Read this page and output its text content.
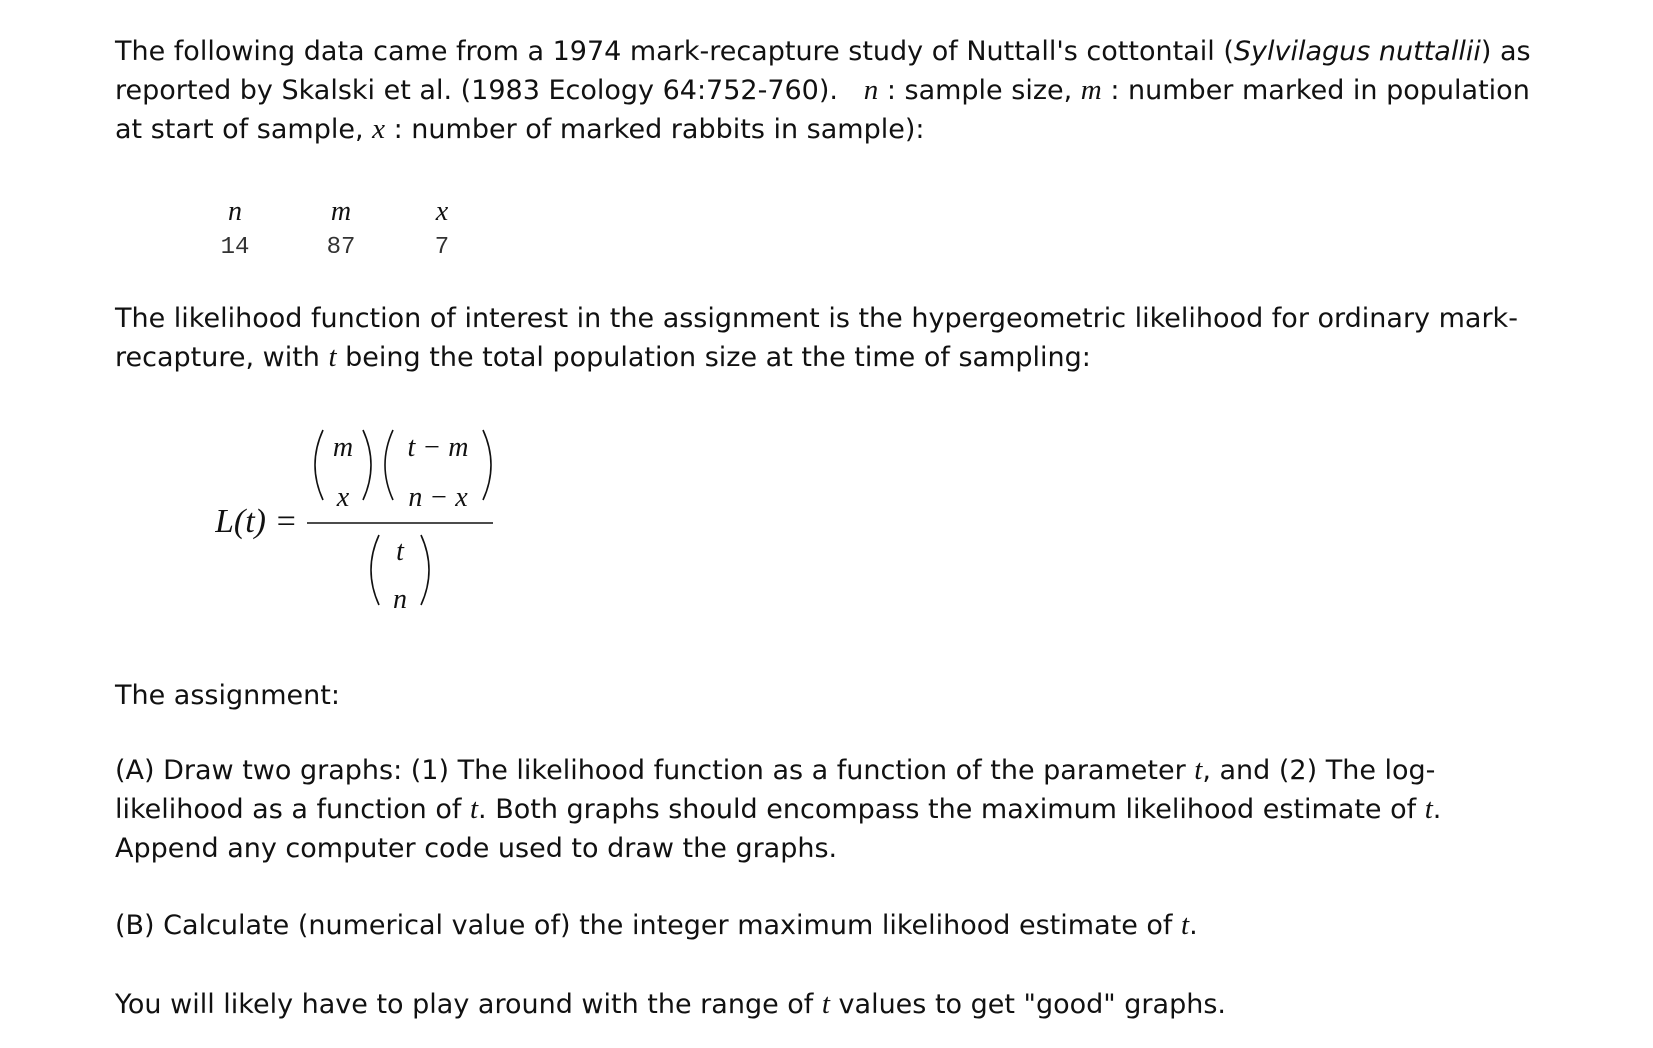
The following data came from a 1974 mark-recapture study of Nuttall's cottontail (Sylvilagus nuttallii) as reported by Skalski et al. (1983 Ecology 64:752-760). n : sample size, m : number marked in population at start of sample, x : number of marked rabbits in sample):

n	m	x
14	87	7

The likelihood function of interest in the assignment is the hypergeometric likelihood for ordinary mark-recapture, with t being the total population size at the time of sampling:

L(t) =
m
x
t − m
n − x
t
n

The assignment:

(A) Draw two graphs: (1) The likelihood function as a function of the parameter t, and (2) The log-likelihood as a function of t. Both graphs should encompass the maximum likelihood estimate of t. Append any computer code used to draw the graphs.

(B) Calculate (numerical value of) the integer maximum likelihood estimate of t.

You will likely have to play around with the range of t values to get "good" graphs.
